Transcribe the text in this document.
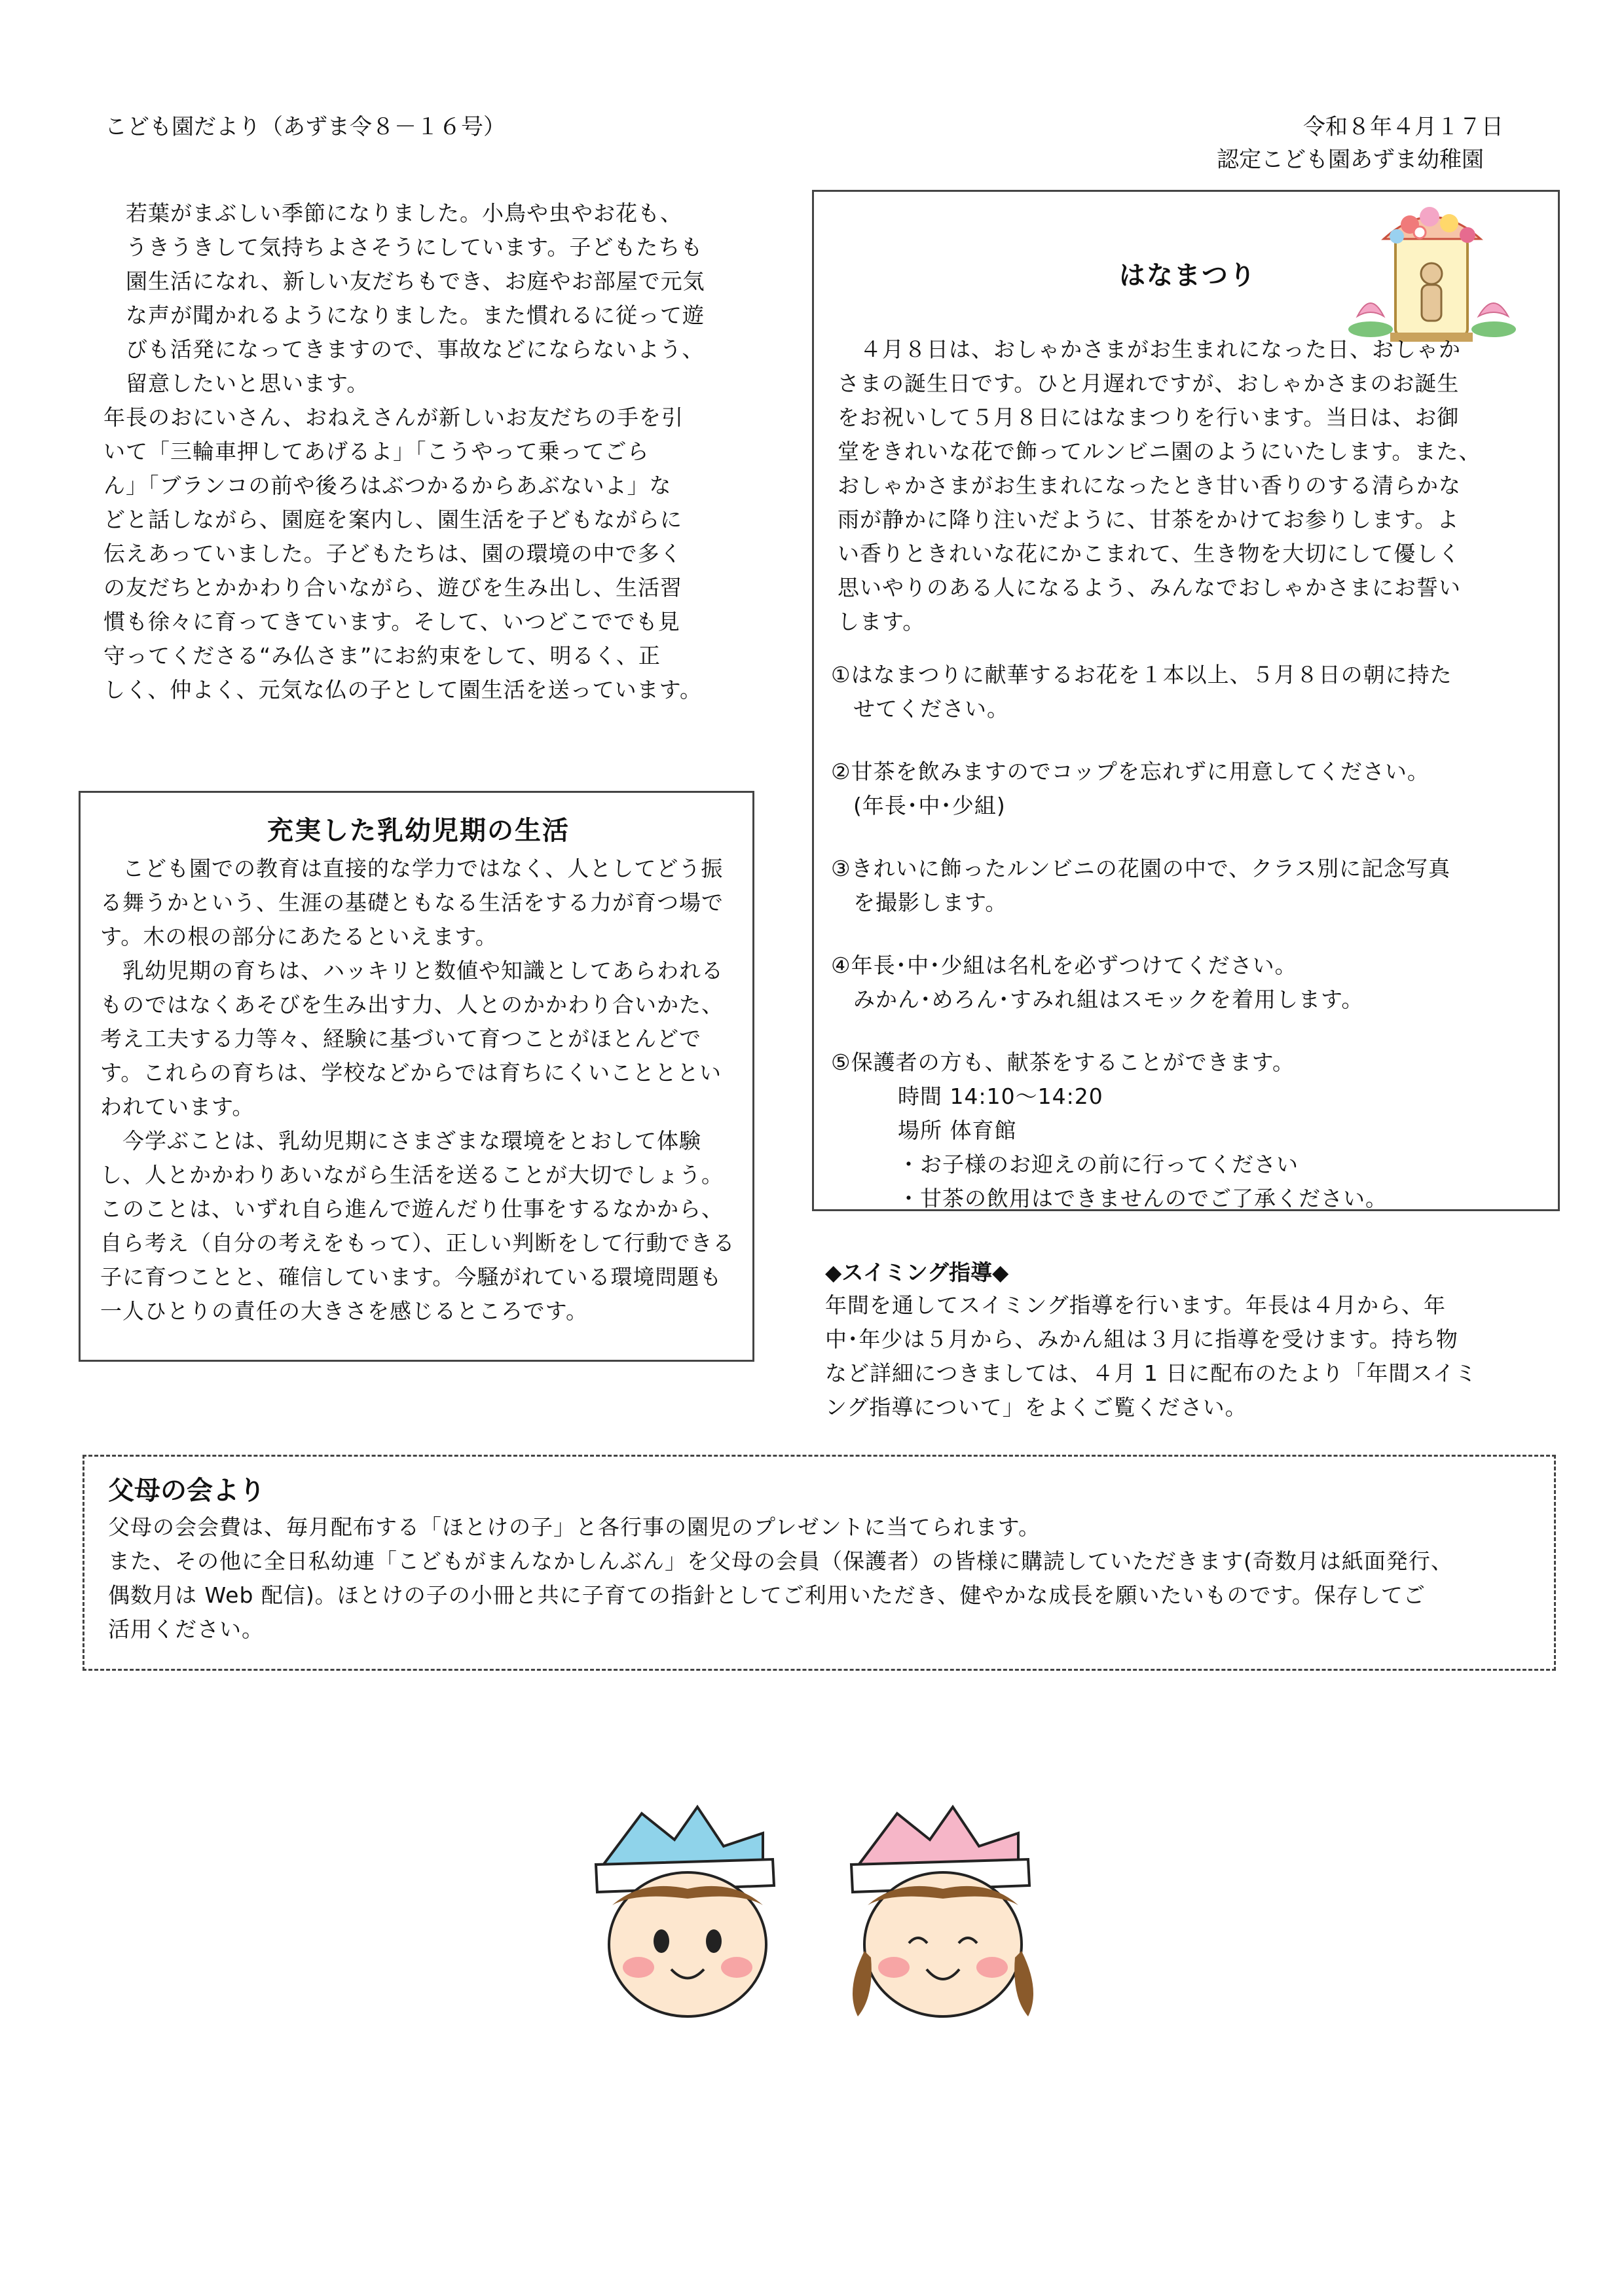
こども園だより（あずま令８－１６号）	令和８年４月１７日
認定こども園あずま幼稚園
　若葉がまぶしい季節になりました。小鳥や虫やお花も、
　うきうきして気持ちよさそうにしています。子どもたちも
　園生活になれ、新しい友だちもでき、お庭やお部屋で元気
　な声が聞かれるようになりました。また慣れるに従って遊
　びも活発になってきますので、事故などにならないよう、
　留意したいと思います。
年長のおにいさん、おねえさんが新しいお友だちの手を引
いて「三輪車押してあげるよ」「こうやって乗ってごら
ん」「ブランコの前や後ろはぶつかるからあぶないよ」な
どと話しながら、園庭を案内し、園生活を子どもながらに
伝えあっていました。子どもたちは、園の環境の中で多く
の友だちとかかわり合いながら、遊びを生み出し、生活習
慣も徐々に育ってきています。そして、いつどこででも見
守ってくださる“み仏さま”にお約束をして、明るく、正
しく、仲よく、元気な仏の子として園生活を送っています。
はなまつり
　４月８日は、おしゃかさまがお生まれになった日、おしゃか
さまの誕生日です。ひと月遅れですが、おしゃかさまのお誕生
をお祝いして５月８日にはなまつりを行います。当日は、お御
堂をきれいな花で飾ってルンビニ園のようにいたします。また、
おしゃかさまがお生まれになったとき甘い香りのする清らかな
雨が静かに降り注いだように、甘茶をかけてお参りします。よ
い香りときれいな花にかこまれて、生き物を大切にして優しく
思いやりのある人になるよう、みんなでおしゃかさまにお誓い
します。
①はなまつりに献華するお花を１本以上、５月８日の朝に持た
　せてください。
②甘茶を飲みますのでコップを忘れずに用意してください。
　(年長･中･少組)
③きれいに飾ったルンビニの花園の中で、クラス別に記念写真
　を撮影します。
④年長･中･少組は名札を必ずつけてください。
　みかん･めろん･すみれ組はスモックを着用します。
⑤保護者の方も、献茶をすることができます。
時間 14:10～14:20
場所 体育館
・お子様のお迎えの前に行ってください
・甘茶の飲用はできませんのでご了承ください。
充実した乳幼児期の生活
　こども園での教育は直接的な学力ではなく、人としてどう振る舞うかという、生涯の基礎ともなる生活をする力が育つ場です。木の根の部分にあたるといえます。
　乳幼児期の育ちは、ハッキリと数値や知識としてあらわれるものではなくあそびを生み出す力、人とのかかわり合いかた、考え工夫する力等々、経験に基づいて育つことがほとんどです。これらの育ちは、学校などからでは育ちにくいこととといわれています。
　今学ぶことは、乳幼児期にさまざまな環境をとおして体験し、人とかかわりあいながら生活を送ることが大切でしょう。このことは、いずれ自ら進んで遊んだり仕事をするなかから、自ら考え（自分の考えをもって）、正しい判断をして行動できる子に育つことと、確信しています。今騒がれている環境問題も一人ひとりの責任の大きさを感じるところです。
◆スイミング指導◆
年間を通してスイミング指導を行います。年長は４月から、年
中･年少は５月から、みかん組は３月に指導を受けます。持ち物
など詳細につきましては、４月 1 日に配布のたより「年間スイミ
ング指導について」をよくご覧ください。
父母の会より
父母の会会費は、毎月配布する「ほとけの子」と各行事の園児のプレゼントに当てられます。
また、その他に全日私幼連「こどもがまんなかしんぶん」を父母の会員（保護者）の皆様に購読していただきます(奇数月は紙面発行、
偶数月は Web 配信)。ほとけの子の小冊と共に子育ての指針としてご利用いただき、健やかな成長を願いたいものです。保存してご
活用ください。
